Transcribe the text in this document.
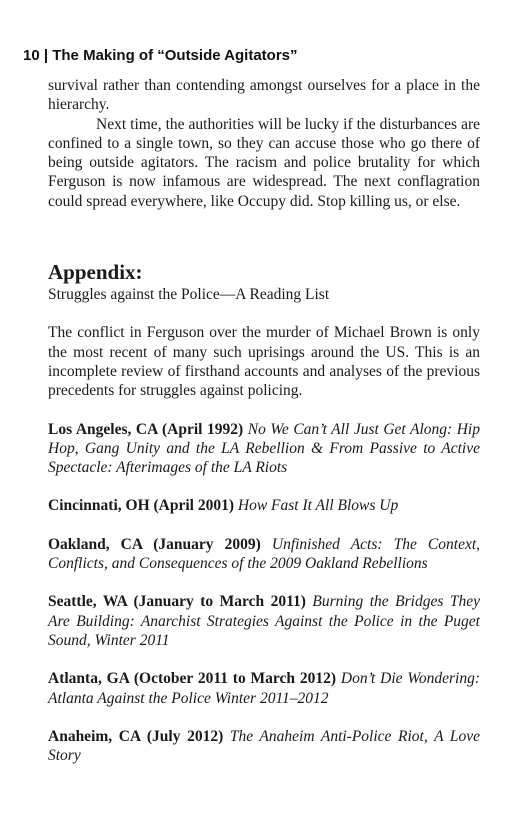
10 | The Making of “Outside Agitators”

survival rather than contending amongst ourselves for a place in the hierarchy.

Next time, the authorities will be lucky if the disturbances are confined to a single town, so they can accuse those who go there of being outside agitators. The racism and police brutality for which Ferguson is now infamous are widespread. The next conflagration could spread everywhere, like Occupy did. Stop killing us, or else.

Appendix:

Struggles against the Police—A Reading List

The conflict in Ferguson over the murder of Michael Brown is only the most recent of many such uprisings around the US. This is an incomplete review of firsthand accounts and analyses of the previous precedents for struggles against policing.

Los Angeles, CA (April 1992) No We Can’t All Just Get Along: Hip Hop, Gang Unity and the LA Rebellion & From Passive to Active Spectacle: Afterimages of the LA Riots

Cincinnati, OH (April 2001) How Fast It All Blows Up

Oakland, CA (January 2009) Unfinished Acts: The Context, Conflicts, and Consequences of the 2009 Oakland Rebellions

Seattle, WA (January to March 2011) Burning the Bridges They Are Building: Anarchist Strategies Against the Police in the Puget Sound, Winter 2011

Atlanta, GA (October 2011 to March 2012) Don’t Die Wondering: Atlanta Against the Police Winter 2011–2012

Anaheim, CA (July 2012) The Anaheim Anti-Police Riot, A Love Story
